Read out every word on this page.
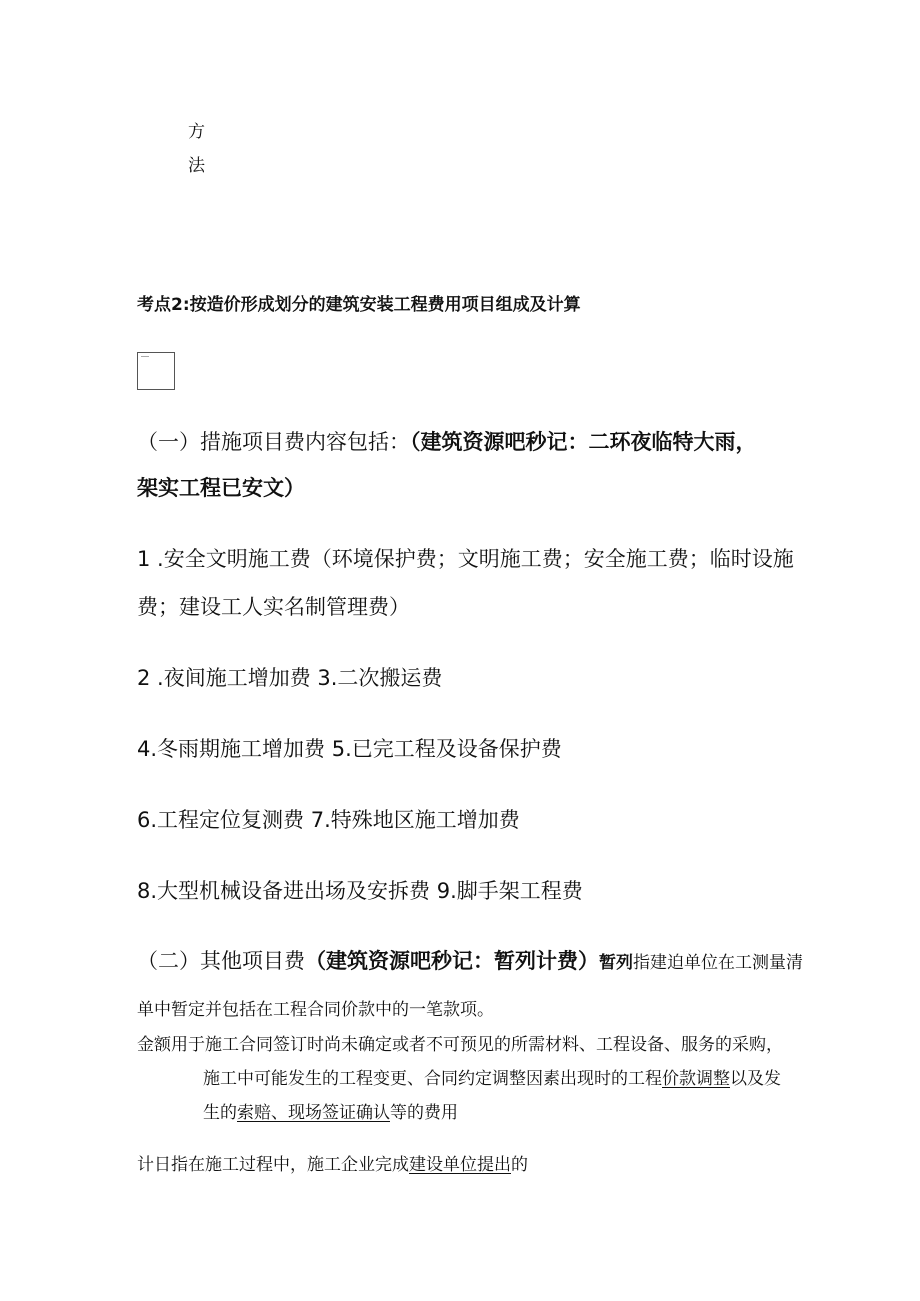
方
法
考点2:按造价形成划分的建筑安装工程费用项目组成及计算
（一）措施项目费内容包括：（建筑资源吧秒记：二环夜临特大雨，
架实工程已安文）
1 .安全文明施工费（环境保护费；文明施工费；安全施工费；临时设施
费；建设工人实名制管理费）
2 .夜间施工增加费 3.二次搬运费
4.冬雨期施工增加费 5.已完工程及设备保护费
6.工程定位复测费 7.特殊地区施工增加费
8.大型机械设备进出场及安拆费 9.脚手架工程费
（二）其他项目费（建筑资源吧秒记：暂列计费）暂列指建迫单位在工测量清
单中暂定并包括在工程合同价款中的一笔款项。
金额用于施工合同签订时尚未确定或者不可预见的所需材料、工程设备、服务的采购，
施工中可能发生的工程变更、合同约定调整因素出现时的工程价款调整以及发
生的索赔、现场签证确认等的费用
计日指在施工过程中，施工企业完成建设单位提出的
